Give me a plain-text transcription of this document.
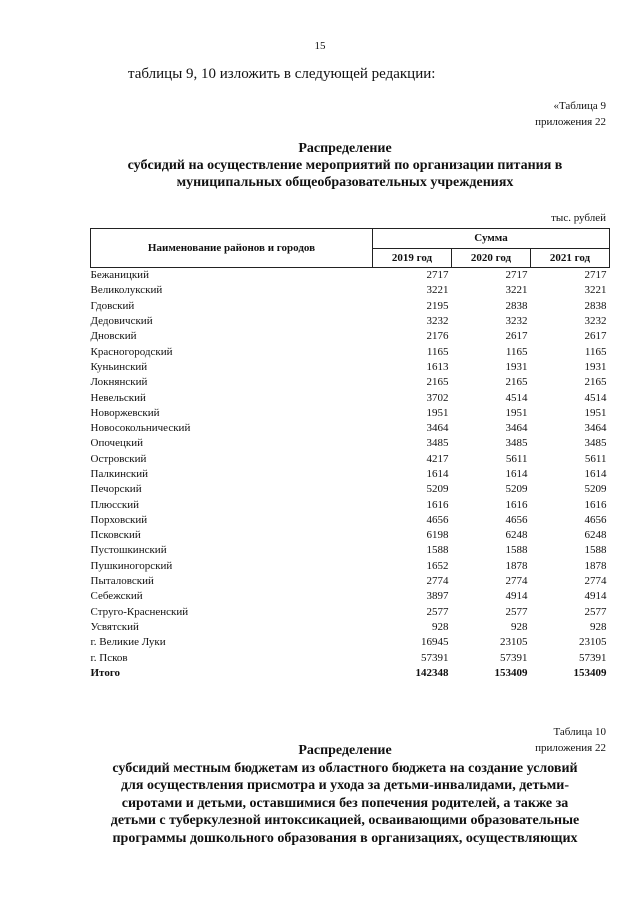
15
таблицы 9, 10 изложить в следующей редакции:
«Таблица 9
приложения 22
Распределение
субсидий на осуществление мероприятий по организации питания в
муниципальных общеобразовательных учреждениях
тыс. рублей
Наименование районов и городов	Сумма		
	2019 год	2020 год	2021 год
Бежаницкий	2717	2717	2717
Великолукский	3221	3221	3221
Гдовский	2195	2838	2838
Дедовичский	3232	3232	3232
Дновский	2176	2617	2617
Красногородский	1165	1165	1165
Куньинский	1613	1931	1931
Локнянский	2165	2165	2165
Невельский	3702	4514	4514
Новоржевский	1951	1951	1951
Новосокольнический	3464	3464	3464
Опочецкий	3485	3485	3485
Островский	4217	5611	5611
Палкинский	1614	1614	1614
Печорский	5209	5209	5209
Плюсский	1616	1616	1616
Порховский	4656	4656	4656
Псковский	6198	6248	6248
Пустошкинский	1588	1588	1588
Пушкиногорский	1652	1878	1878
Пыталовский	2774	2774	2774
Себежский	3897	4914	4914
Струго-Красненский	2577	2577	2577
Усвятский	928	928	928
г. Великие Луки	16945	23105	23105
г. Псков	57391	57391	57391
Итого	142348	153409	153409
Таблица 10
приложения 22
Распределение
субсидий местным бюджетам из областного бюджета на создание условий
для осуществления присмотра и ухода за детьми-инвалидами, детьми-
сиротами и детьми, оставшимися без попечения родителей, а также за
детьми с туберкулезной интоксикацией, осваивающими образовательные
программы дошкольного образования в организациях, осуществляющих
